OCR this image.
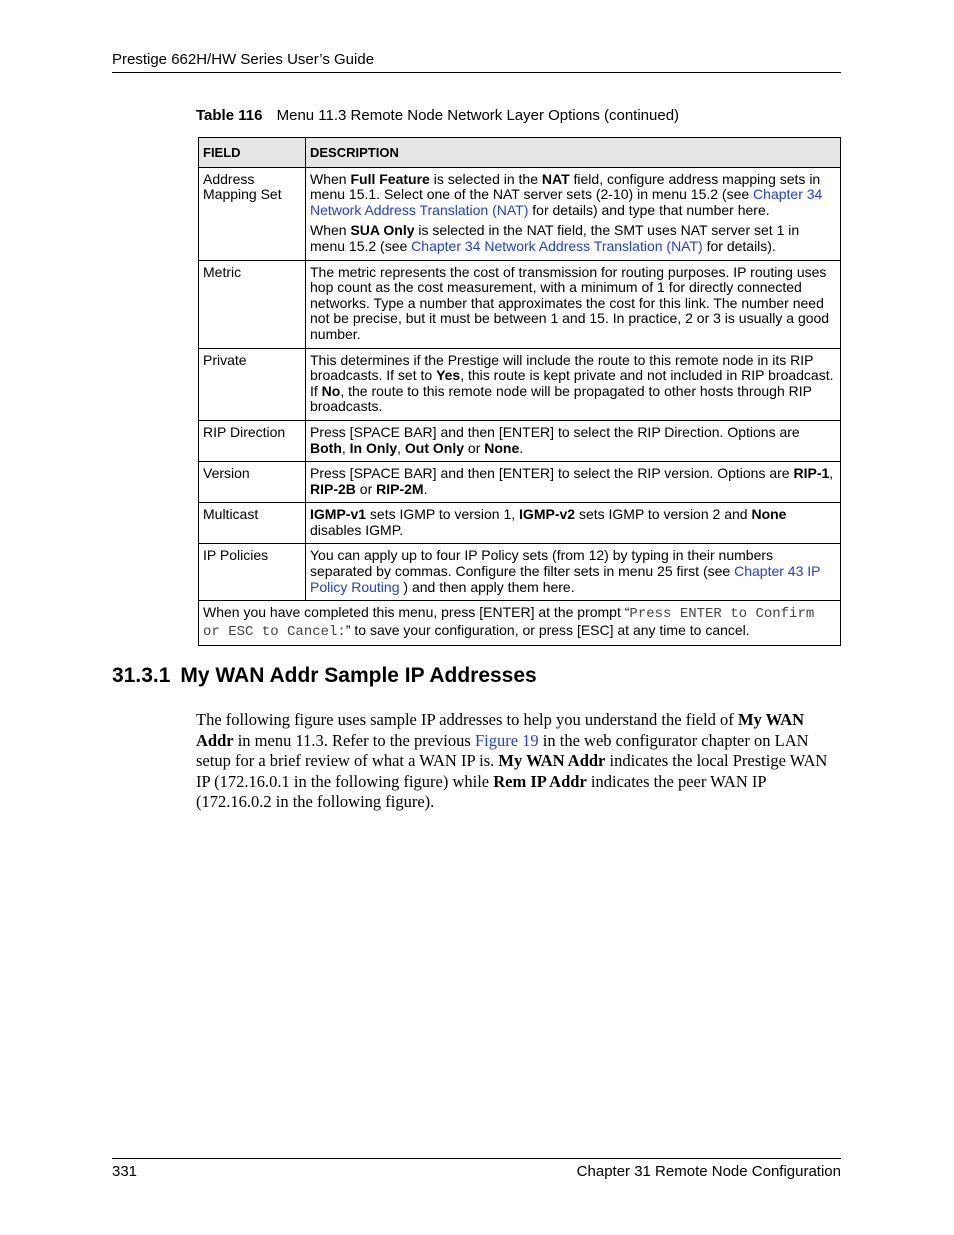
Prestige 662H/HW Series User’s Guide
Table 116 Menu 11.3 Remote Node Network Layer Options (continued)
FIELD	DESCRIPTION
Address Mapping Set	When Full Feature is selected in the NAT field, configure address mapping sets in menu 15.1. Select one of the NAT server sets (2-10) in menu 15.2 (see Chapter 34 Network Address Translation (NAT) for details) and type that number here.

When SUA Only is selected in the NAT field, the SMT uses NAT server set 1 in menu 15.2 (see Chapter 34 Network Address Translation (NAT) for details).

Metric	The metric represents the cost of transmission for routing purposes. IP routing uses hop count as the cost measurement, with a minimum of 1 for directly connected networks. Type a number that approximates the cost for this link. The number need not be precise, but it must be between 1 and 15. In practice, 2 or 3 is usually a good number.
Private	This determines if the Prestige will include the route to this remote node in its RIP broadcasts. If set to Yes, this route is kept private and not included in RIP broadcast. If No, the route to this remote node will be propagated to other hosts through RIP broadcasts.
RIP Direction	Press [SPACE BAR] and then [ENTER] to select the RIP Direction. Options are Both, In Only, Out Only or None.
Version	Press [SPACE BAR] and then [ENTER] to select the RIP version. Options are RIP-1, RIP-2B or RIP-2M.
Multicast	IGMP-v1 sets IGMP to version 1, IGMP-v2 sets IGMP to version 2 and None disables IGMP.
IP Policies	You can apply up to four IP Policy sets (from 12) by typing in their numbers separated by commas. Configure the filter sets in menu 25 first (see Chapter 43 IP Policy Routing ) and then apply them here.
When you have completed this menu, press [ENTER] at the prompt “Press ENTER to Confirm or ESC to Cancel:” to save your configuration, or press [ESC] at any time to cancel.	
31.3.1 My WAN Addr Sample IP Addresses
The following figure uses sample IP addresses to help you understand the field of My WAN Addr in menu 11.3. Refer to the previous Figure 19 in the web configurator chapter on LAN setup for a brief review of what a WAN IP is. My WAN Addr indicates the local Prestige WAN IP (172.16.0.1 in the following figure) while Rem IP Addr indicates the peer WAN IP (172.16.0.2 in the following figure).
331	Chapter 31 Remote Node Configuration
